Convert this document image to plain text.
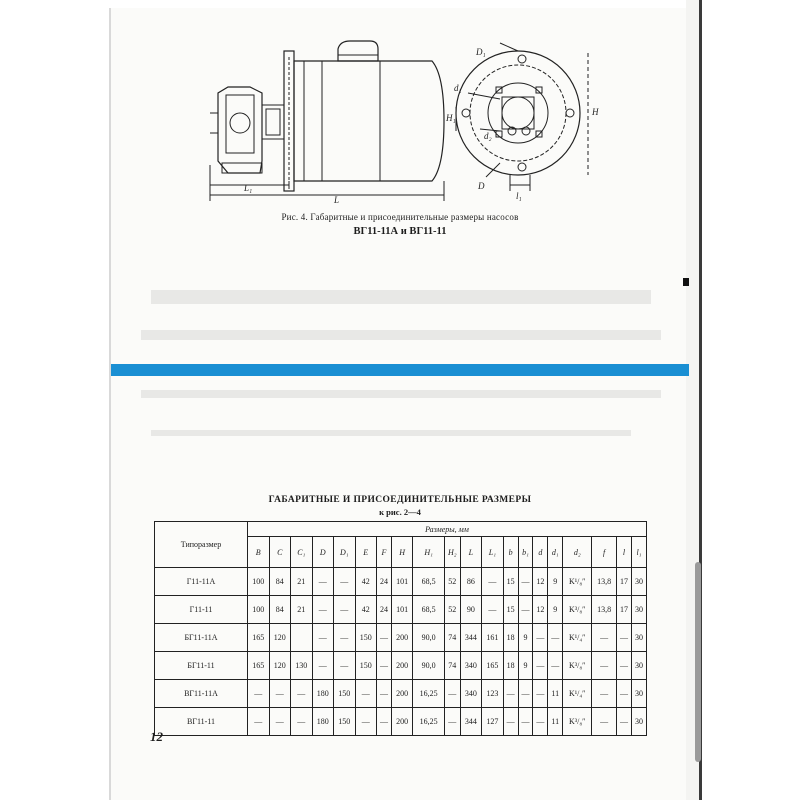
L₁
L
D₁
d₁
H₁
d₂
D
l₁
H
Рис. 4. Габаритные и присоединительные размеры насосов
ВГ11-11А и ВГ11-11
ГАБАРИТНЫЕ И ПРИСОЕДИНИТЕЛЬНЫЕ РАЗМЕРЫ
к рис. 2—4
Типоразмер	Размеры, мм																			
	B	C	C₁	D	D₁	E	F	H	H₁	H₂	L	L₁	b	b₁	d	d₁	d₂	f	l	l₁
Г11-11А	100	84	21	—	—	42	24	101	68,5	52	86	—	15	—	12	9	K¹/₈″	13,8	17	30
Г11-11	100	84	21	—	—	42	24	101	68,5	52	90	—	15	—	12	9	K³/₈″	13,8	17	30
БГ11-11А	165	120		—	—	150	—	200	90,0	74	344	161	18	9	—	—	K¹/₄″	—	—	30
БГ11-11	165	120	130	—	—	150	—	200	90,0	74	340	165	18	9	—	—	K³/₈″	—	—	30
ВГ11-11А	—	—	—	180	150	—	—	200	16,25	—	340	123	—	—	—	11	K¹/₄″	—	—	30
ВГ11-11	—	—	—	180	150	—	—	200	16,25	—	344	127	—	—	—	11	K³/₈″	—	—	30
12
